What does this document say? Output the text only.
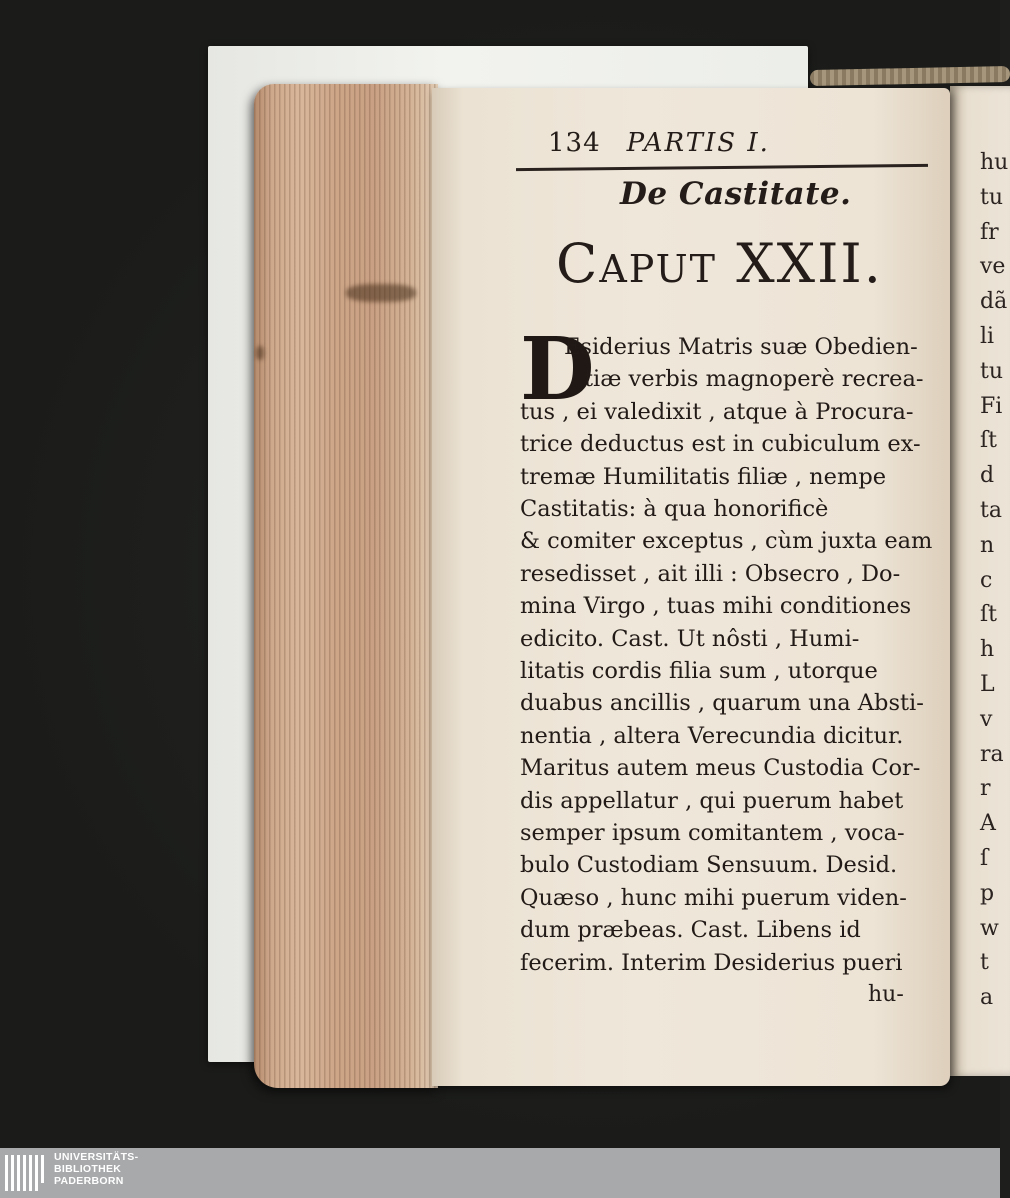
hu
tu
fr
ve
dã
li
tu
Fi
ſt
d
ta
n
c
ſt
h
L
v
ra
r
A
ſ
p
w
t
a
134 PARTIS I.
De Castitate.
Caput XXII.
D
Esiderius Matris suæ Obedien-
tiæ verbis magnoperè recrea-
tus , ei valedixit , atque à Procura-
trice deductus est in cubiculum ex-
tremæ Humilitatis filiæ , nempe
Castitatis: à qua honorificè
& comiter exceptus , cùm juxta eam
resedisset , ait illi : Obsecro , Do-
mina Virgo , tuas mihi conditiones
edicito. Cast. Ut nôsti , Humi-
litatis cordis filia sum , utorque
duabus ancillis , quarum una Absti-
nentia , altera Verecundia dicitur.
Maritus autem meus Custodia Cor-
dis appellatur , qui puerum habet
semper ipsum comitantem , voca-
bulo Custodiam Sensuum. Desid.
Quæso , hunc mihi puerum viden-
dum præbeas. Cast. Libens id
fecerim. Interim Desiderius pueri
hu-
UNIVERSITÄTS-
BIBLIOTHEK
PADERBORN
